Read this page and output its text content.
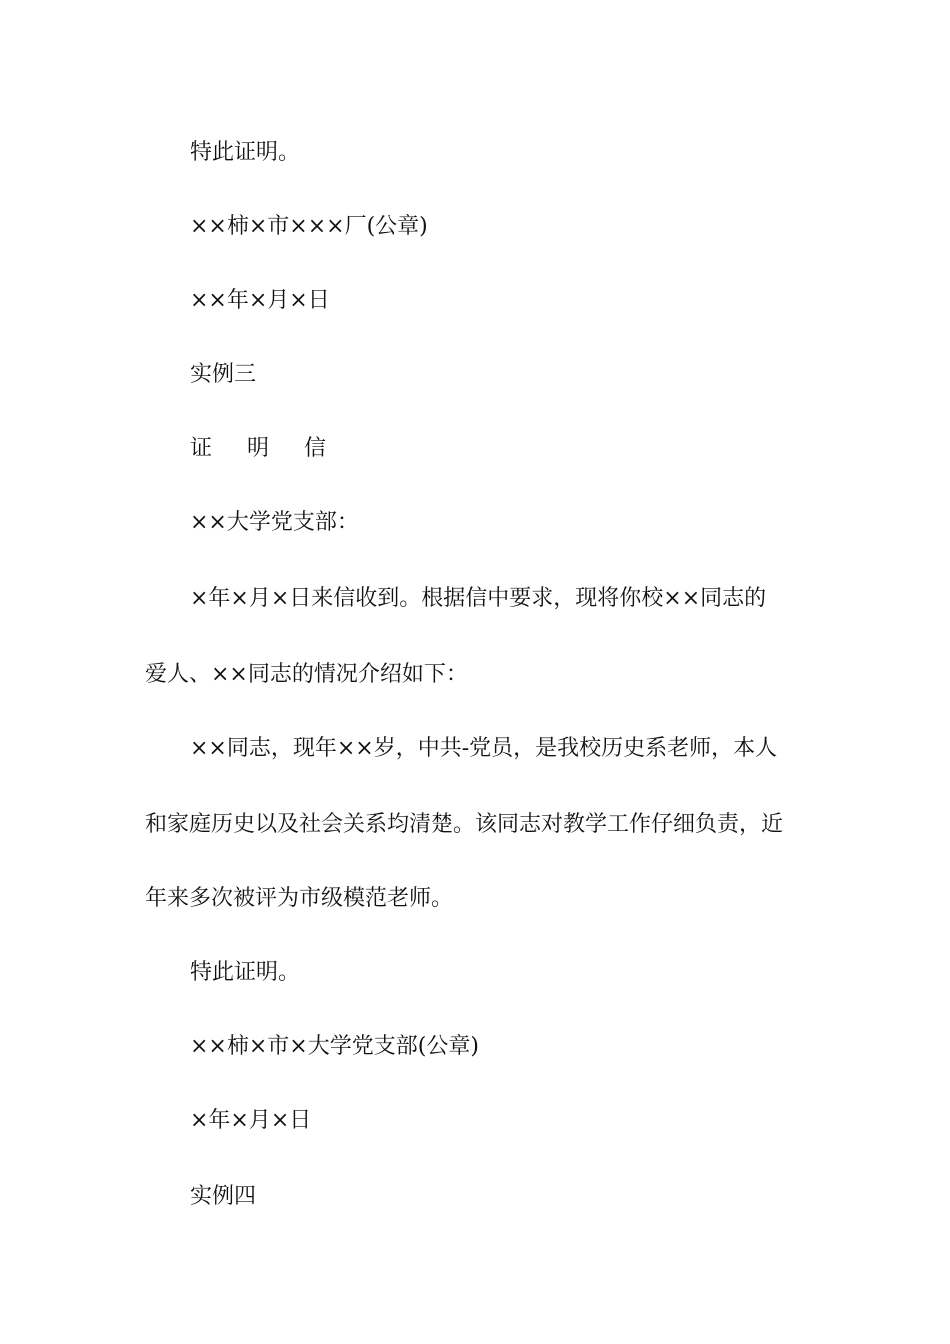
特此证明。
××柿×市×××厂(公章)
××年×月×日
实例三
证 明 信
××大学党支部：
×年×月×日来信收到。根据信中要求，现将你校××同志的
爱人、××同志的情况介绍如下：
××同志，现年××岁，中共-党员，是我校历史系老师，本人
和家庭历史以及社会关系均清楚。该同志对教学工作仔细负责，近
年来多次被评为市级模范老师。
特此证明。
××柿×市×大学党支部(公章)
×年×月×日
实例四
